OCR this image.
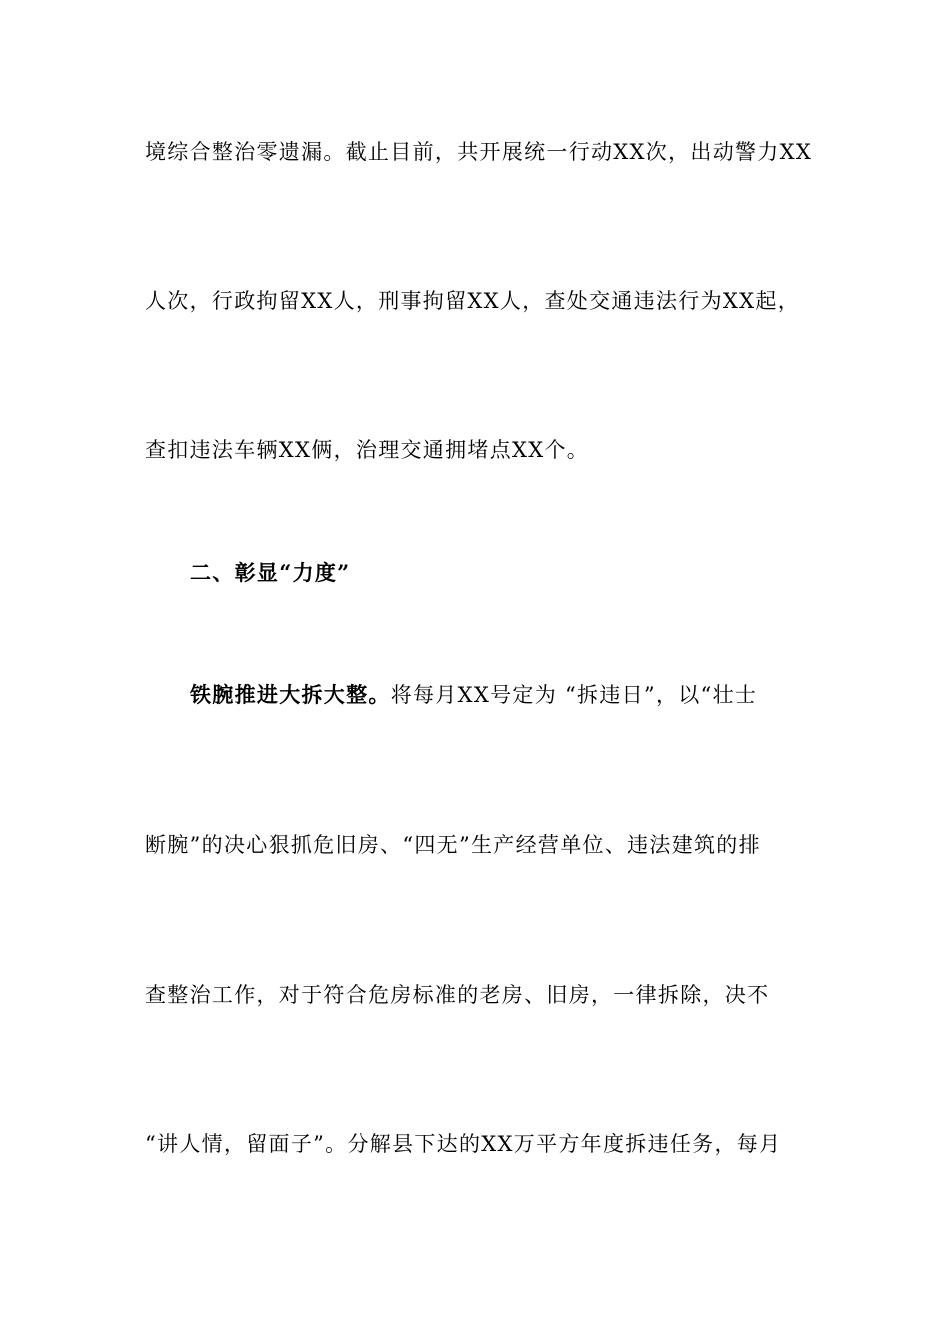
境综合整治零遗漏。截止目前，共开展统一行动XX次，出动警力XX
人次，行政拘留XX人，刑事拘留XX人，查处交通违法行为XX起，
查扣违法车辆XX俩，治理交通拥堵点XX个。
二、彰显“力度”
铁腕推进大拆大整。将每月XX号定为 “拆违日”，以“壮士
断腕”的决心狠抓危旧房、“四无”生产经营单位、违法建筑的排
查整治工作，对于符合危房标准的老房、旧房，一律拆除，决不
“讲人情，留面子”。分解县下达的XX万平方年度拆违任务，每月
